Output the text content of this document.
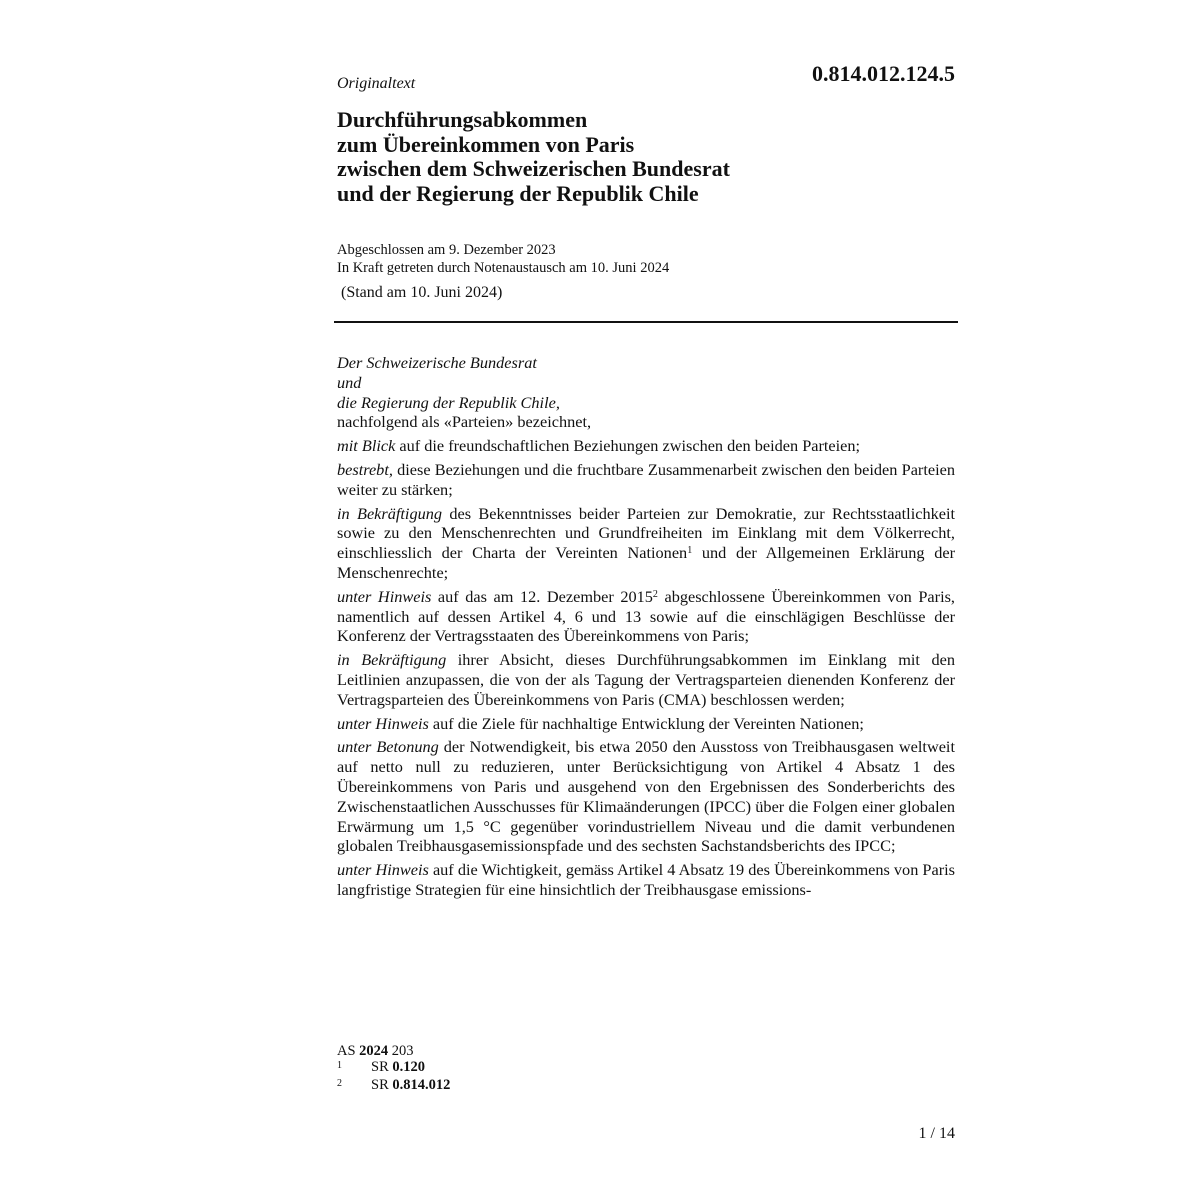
0.814.012.124.5
Originaltext
Durchführungsabkommen
zum Übereinkommen von Paris
zwischen dem Schweizerischen Bundesrat
und der Regierung der Republik Chile
Abgeschlossen am 9. Dezember 2023
In Kraft getreten durch Notenaustausch am 10. Juni 2024
(Stand am 10. Juni 2024)
Der Schweizerische Bundesrat
und
die Regierung der Republik Chile,
nachfolgend als «Parteien» bezeichnet,
mit Blick auf die freundschaftlichen Beziehungen zwischen den beiden Parteien;
bestrebt, diese Beziehungen und die fruchtbare Zusammenarbeit zwischen den beiden Parteien weiter zu stärken;
in Bekräftigung des Bekenntnisses beider Parteien zur Demokratie, zur Rechtsstaatlichkeit sowie zu den Menschenrechten und Grundfreiheiten im Einklang mit dem Völkerrecht, einschliesslich der Charta der Vereinten Nationen$^1$ und der Allgemeinen Erklärung der Menschenrechte;
unter Hinweis auf das am 12. Dezember 2015$^2$ abgeschlossene Übereinkommen von Paris, namentlich auf dessen Artikel 4, 6 und 13 sowie auf die einschlägigen Beschlüsse der Konferenz der Vertragsstaaten des Übereinkommens von Paris;
in Bekräftigung ihrer Absicht, dieses Durchführungsabkommen im Einklang mit den Leitlinien anzupassen, die von der als Tagung der Vertragsparteien dienenden Konferenz der Vertragsparteien des Übereinkommens von Paris (CMA) beschlossen werden;
unter Hinweis auf die Ziele für nachhaltige Entwicklung der Vereinten Nationen;
unter Betonung der Notwendigkeit, bis etwa 2050 den Ausstoss von Treibhausgasen weltweit auf netto null zu reduzieren, unter Berücksichtigung von Artikel 4 Absatz 1 des Übereinkommens von Paris und ausgehend von den Ergebnissen des Sonderberichts des Zwischenstaatlichen Ausschusses für Klimaänderungen (IPCC) über die Folgen einer globalen Erwärmung um 1,5 °C gegenüber vorindustriellem Niveau und die damit verbundenen globalen Treibhausgasemissionspfade und des sechsten Sachstandsberichts des IPCC;
unter Hinweis auf die Wichtigkeit, gemäss Artikel 4 Absatz 19 des Übereinkommens von Paris langfristige Strategien für eine hinsichtlich der Treibhausgase emissions-
AS 2024 203
1	SR
0.120
2	SR
0.814.012
1 / 14
